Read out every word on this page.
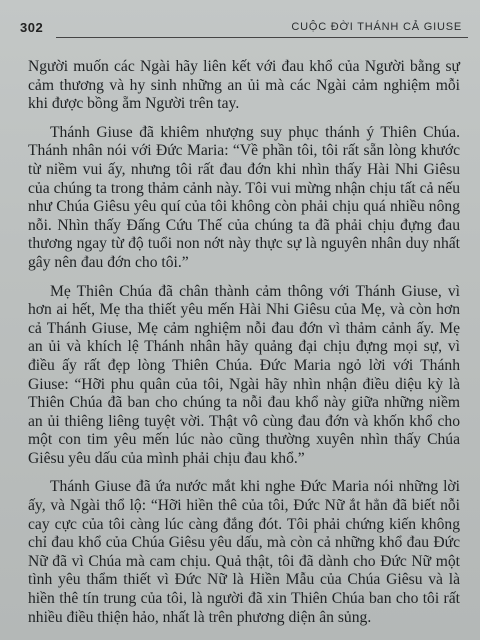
302	CUỘC ĐỜI THÁNH CẢ GIUSE

Người muốn các Ngài hãy liên kết với đau khổ của Người bằng sự cảm thương và hy sinh những an ủi mà các Ngài cảm nghiệm mỗi khi được bồng ẵm Người trên tay.

Thánh Giuse đã khiêm nhượng suy phục thánh ý Thiên Chúa. Thánh nhân nói với Đức Maria: “Về phần tôi, tôi rất sẵn lòng khước từ niềm vui ấy, nhưng tôi rất đau đớn khi nhìn thấy Hài Nhi Giêsu của chúng ta trong thảm cảnh này. Tôi vui mừng nhận chịu tất cả nếu như Chúa Giêsu yêu quí của tôi không còn phải chịu quá nhiều nông nỗi. Nhìn thấy Đấng Cứu Thế của chúng ta đã phải chịu đựng đau thương ngay từ độ tuổi non nớt này thực sự là nguyên nhân duy nhất gây nên đau đớn cho tôi.”

Mẹ Thiên Chúa đã chân thành cảm thông với Thánh Giuse, vì hơn ai hết, Mẹ tha thiết yêu mến Hài Nhi Giêsu của Mẹ, và còn hơn cả Thánh Giuse, Mẹ cảm nghiệm nỗi đau đớn vì thảm cảnh ấy. Mẹ an ủi và khích lệ Thánh nhân hãy quảng đại chịu đựng mọi sự, vì điều ấy rất đẹp lòng Thiên Chúa. Đức Maria ngỏ lời với Thánh Giuse: “Hỡi phu quân của tôi, Ngài hãy nhìn nhận điều diệu kỳ là Thiên Chúa đã ban cho chúng ta nỗi đau khổ này giữa những niềm an ủi thiêng liêng tuyệt vời. Thật vô cùng đau đớn và khốn khổ cho một con tim yêu mến lúc nào cũng thường xuyên nhìn thấy Chúa Giêsu yêu dấu của mình phải chịu đau khổ.”

Thánh Giuse đã ứa nước mắt khi nghe Đức Maria nói những lời ấy, và Ngài thổ lộ: “Hỡi hiền thê của tôi, Đức Nữ ắt hẳn đã biết nỗi cay cực của tôi càng lúc càng đắng đót. Tôi phải chứng kiến không chỉ đau khổ của Chúa Giêsu yêu dấu, mà còn cả những khổ đau Đức Nữ đã vì Chúa mà cam chịu. Quả thật, tôi đã dành cho Đức Nữ một tình yêu thẩm thiết vì Đức Nữ là Hiền Mẫu của Chúa Giêsu và là hiền thê tín trung của tôi, là người đã xin Thiên Chúa ban cho tôi rất nhiều điều thiện hảo, nhất là trên phương diện ân sủng.
